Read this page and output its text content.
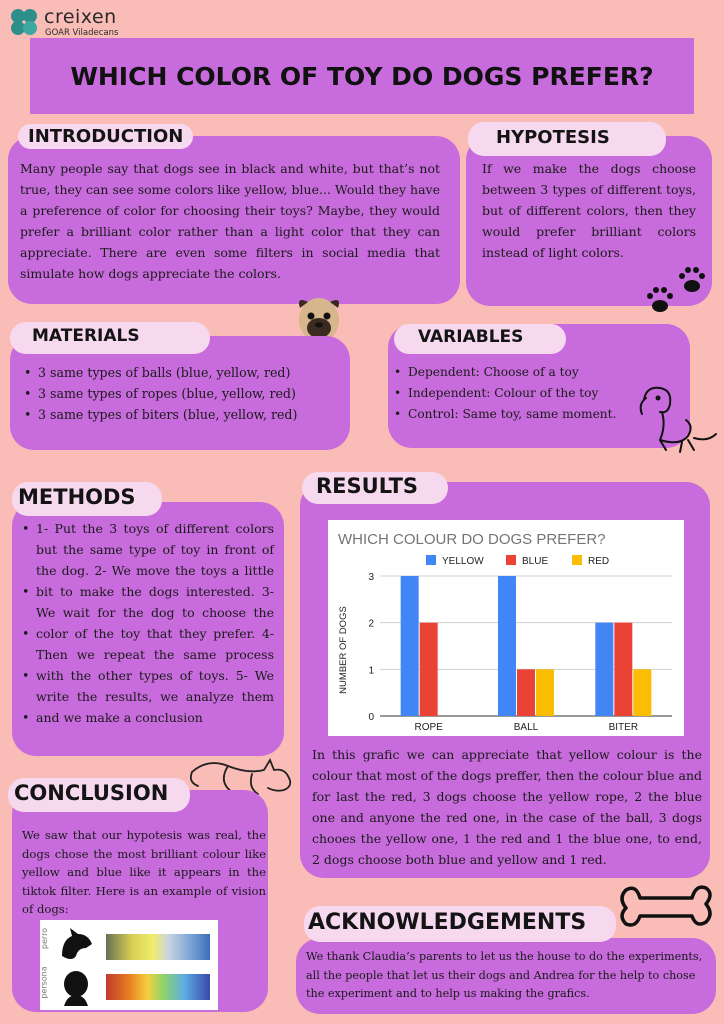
creixen
GOAR Viladecans
WHICH COLOR OF TOY DO DOGS PREFER?
INTRODUCTION
Many people say that dogs see in black and white, but that’s not true, they can see some colors like yellow, blue... Would they have a preference of color for choosing their toys? Maybe, they would prefer a brilliant color rather than a light color that they can appreciate. There are even some filters in social media that simulate how dogs appreciate the colors.
HYPOTESIS
If we make the dogs choose between 3 types of different toys, but of different colors, then they would prefer brilliant colors instead of light colors.
MATERIALS
• 3 same types of balls (blue, yellow, red)
• 3 same types of ropes (blue, yellow, red)
• 3 same types of biters (blue, yellow, red)
VARIABLES
• Dependent: Choose of a toy
• Independent: Colour of the toy
• Control: Same toy, same moment.
METHODS
•
•
•
•
•
1- Put the 3 toys of different colors but the same type of toy in front of the dog. 2- We move the toys a little bit to make the dogs interested. 3- We wait for the dog to choose the color of the toy that they prefer. 4- Then we repeat the same process with the other types of toys. 5- We write the results, we analyze them and we make a conclusion
RESULTS
WHICH COLOUR DO DOGS PREFER?
YELLOW	BLUE	RED
ROPE	BALL	BITER
0
1
2
3
NUMBER OF DOGS
In this grafic we can appreciate that yellow colour is the colour that most of the dogs preffer, then the colour blue and for last the red, 3 dogs choose the yellow rope, 2 the blue one and anyone the red one, in the case of the ball, 3 dogs chooes the yellow one, 1 the red and 1 the blue one, to end, 2 dogs choose both blue and yellow and 1 red.
CONCLUSION
We saw that our hypotesis was real, the dogs chose the most brilliant colour like yellow and blue like it appears in the tiktok filter. Here is an example of vision of dogs:
perro
persona
ACKNOWLEDGEMENTS
We thank Claudia’s parents to let us the house to do the experiments, all the people that let us their dogs and Andrea for the help to chose the experiment and to help us making the grafics.
